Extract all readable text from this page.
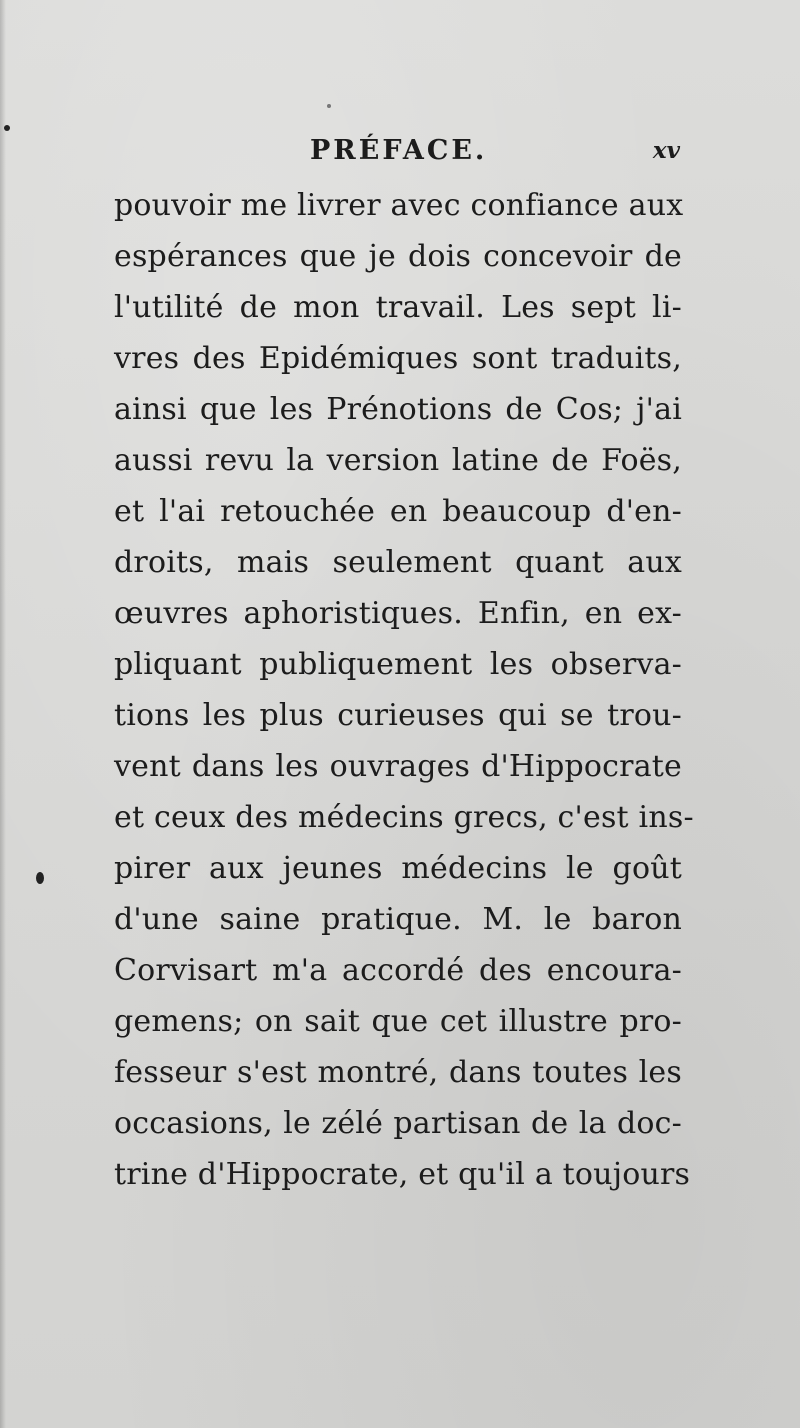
PRÉFACE.	xv
pouvoir me livrer avec confiance aux
espérances que je dois concevoir de
l'utilité de mon travail. Les sept li-
vres des Epidémiques sont traduits,
ainsi que les Prénotions de Cos; j'ai
aussi revu la version latine de Foës,
et l'ai retouchée en beaucoup d'en-
droits, mais seulement quant aux
œuvres aphoristiques. Enfin, en ex-
pliquant publiquement les observa-
tions les plus curieuses qui se trou-
vent dans les ouvrages d'Hippocrate
et ceux des médecins grecs, c'est ins-
pirer aux jeunes médecins le goût
d'une saine pratique. M. le baron
Corvisart m'a accordé des encoura-
gemens; on sait que cet illustre pro-
fesseur s'est montré, dans toutes les
occasions, le zélé partisan de la doc-
trine d'Hippocrate, et qu'il a toujours
